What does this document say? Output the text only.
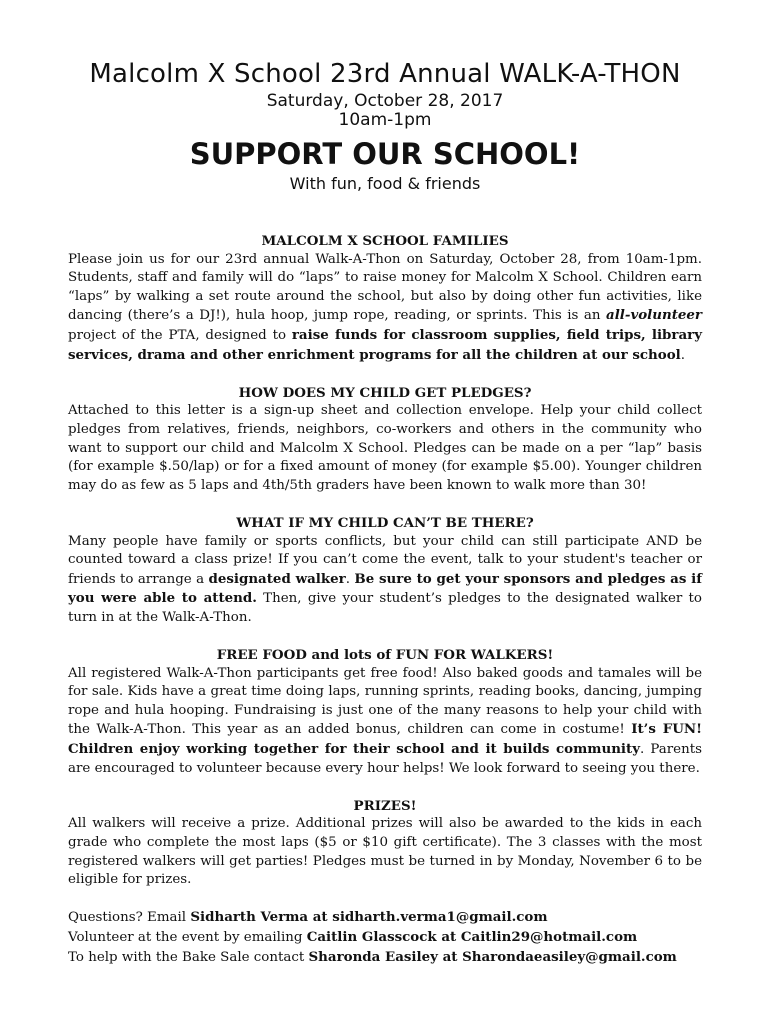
Malcolm X School 23rd Annual WALK-A-THON
Saturday, October 28, 2017
10am-1pm
SUPPORT OUR SCHOOL!
With fun, food & friends
MALCOLM X SCHOOL FAMILIES

Please join us for our 23rd annual Walk-A-Thon on Saturday, October 28, from 10am-1pm. Students, staff and family will do “laps” to raise money for Malcolm X School. Children earn “laps” by walking a set route around the school, but also by doing other fun activities, like dancing (there’s a DJ!), hula hoop, jump rope, reading, or sprints. This is an all-volunteer project of the PTA, designed to raise funds for classroom supplies, field trips, library services, drama and other enrichment programs for all the children at our school.

HOW DOES MY CHILD GET PLEDGES?

Attached to this letter is a sign-up sheet and collection envelope. Help your child collect pledges from relatives, friends, neighbors, co-workers and others in the community who want to support our child and Malcolm X School. Pledges can be made on a per “lap” basis (for example $.50/lap) or for a fixed amount of money (for example $5.00). Younger children may do as few as 5 laps and 4th/5th graders have been known to walk more than 30!

WHAT IF MY CHILD CAN’T BE THERE?

Many people have family or sports conflicts, but your child can still participate AND be counted toward a class prize! If you can’t come the event, talk to your student's teacher or friends to arrange a designated walker. Be sure to get your sponsors and pledges as if you were able to attend. Then, give your student’s pledges to the designated walker to turn in at the Walk-A-Thon.

FREE FOOD and lots of FUN FOR WALKERS!

All registered Walk-A-Thon participants get free food! Also baked goods and tamales will be for sale. Kids have a great time doing laps, running sprints, reading books, dancing, jumping rope and hula hooping. Fundraising is just one of the many reasons to help your child with the Walk-A-Thon. This year as an added bonus, children can come in costume! It’s FUN! Children enjoy working together for their school and it builds community. Parents are encouraged to volunteer because every hour helps! We look forward to seeing you there.

PRIZES!

All walkers will receive a prize. Additional prizes will also be awarded to the kids in each grade who complete the most laps ($5 or $10 gift certificate). The 3 classes with the most registered walkers will get parties! Pledges must be turned in by Monday, November 6 to be eligible for prizes.

Questions? Email Sidharth Verma at sidharth.verma1@gmail.com

Volunteer at the event by emailing Caitlin Glasscock at Caitlin29@hotmail.com

To help with the Bake Sale contact Sharonda Easiley at Sharondaeasiley@gmail.com
